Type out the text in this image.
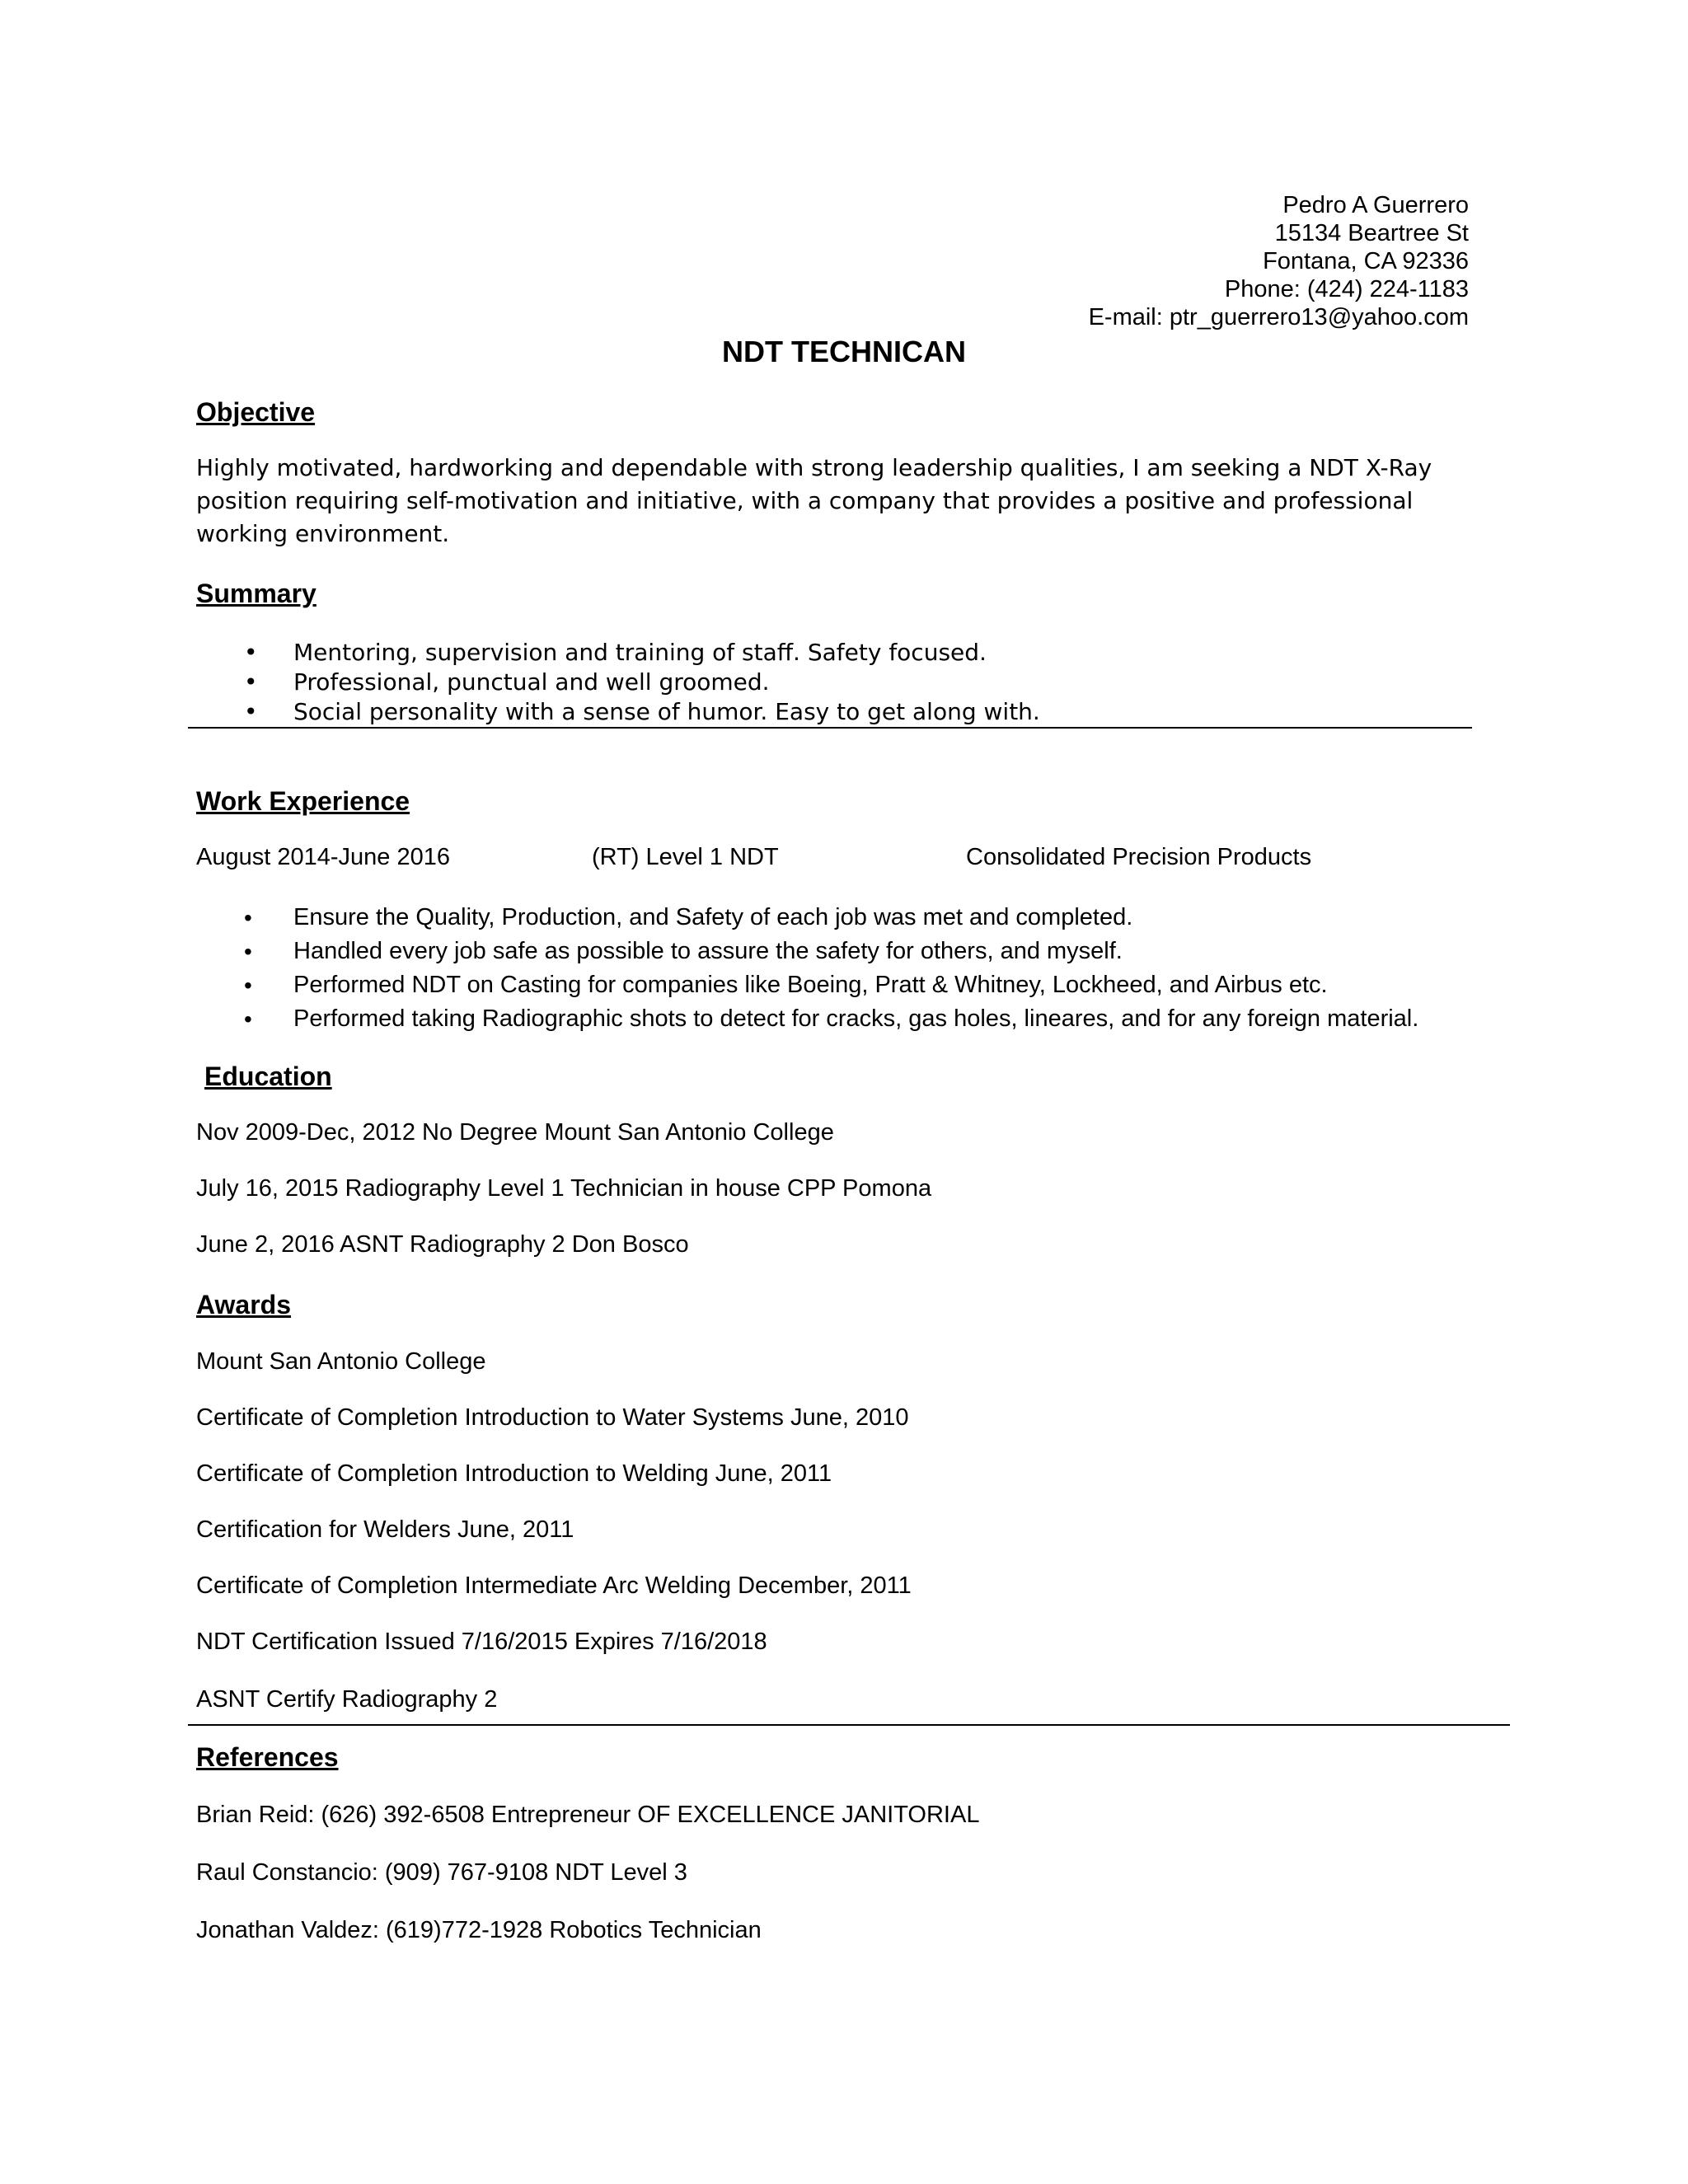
Pedro A Guerrero
15134 Beartree St
Fontana, CA 92336
Phone: (424) 224-1183
E-mail: ptr_guerrero13@yahoo.com
NDT TECHNICAN
Objective
Highly motivated, hardworking and dependable with strong leadership qualities, I am seeking a NDT X-Ray position requiring self-motivation and initiative, with a company that provides a positive and professional working environment.
Summary
• Mentoring, supervision and training of staff. Safety focused.
• Professional, punctual and well groomed.
• Social personality with a sense of humor. Easy to get along with.
Work Experience
August 2014-June 2016	(RT) Level 1 NDT	Consolidated Precision Products
• Ensure the Quality, Production, and Safety of each job was met and completed.
• Handled every job safe as possible to assure the safety for others, and myself.
• Performed NDT on Casting for companies like Boeing, Pratt & Whitney, Lockheed, and Airbus etc.
• Performed taking Radiographic shots to detect for cracks, gas holes, lineares, and for any foreign material.
Education
Nov 2009-Dec, 2012 No Degree Mount San Antonio College
July 16, 2015 Radiography Level 1 Technician in house CPP Pomona
June 2, 2016 ASNT Radiography 2 Don Bosco
Awards
Mount San Antonio College
Certificate of Completion Introduction to Water Systems June, 2010
Certificate of Completion Introduction to Welding June, 2011
Certification for Welders June, 2011
Certificate of Completion Intermediate Arc Welding December, 2011
NDT Certification Issued 7/16/2015 Expires 7/16/2018
ASNT Certify Radiography 2
References
Brian Reid: (626) 392-6508 Entrepreneur OF EXCELLENCE JANITORIAL
Raul Constancio: (909) 767-9108 NDT Level 3
Jonathan Valdez: (619)772-1928 Robotics Technician
